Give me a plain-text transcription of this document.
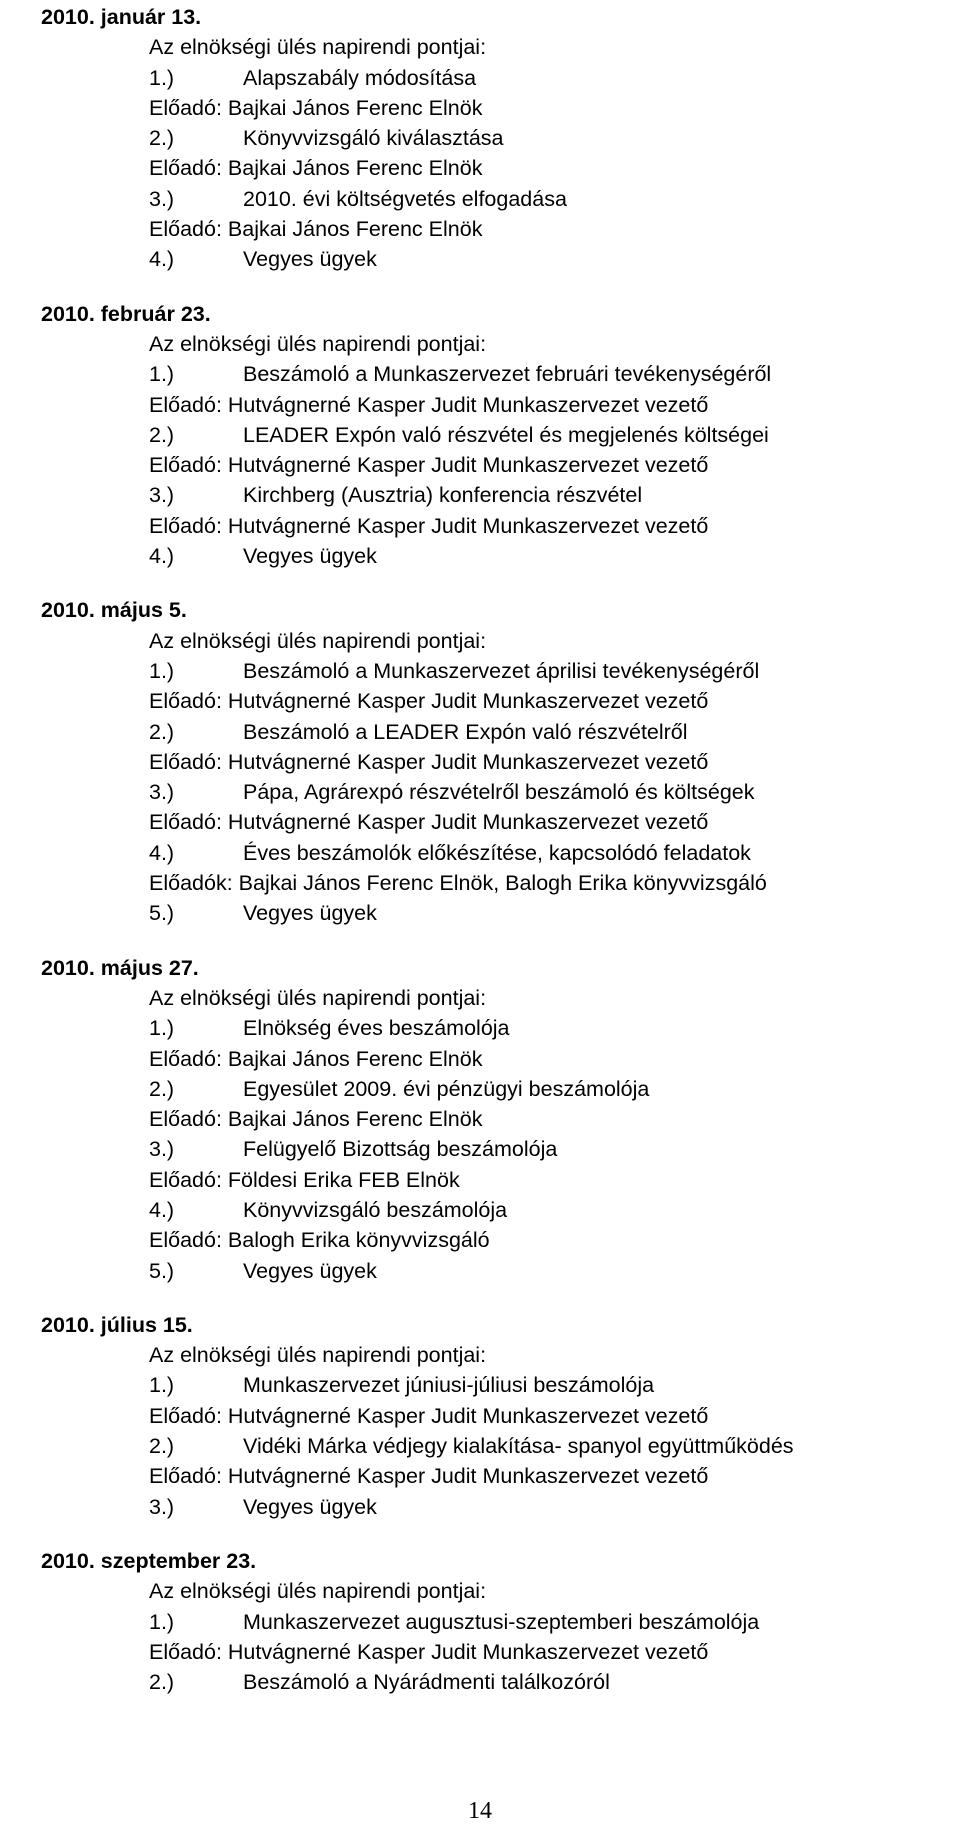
2010. január 13.
Az elnökségi ülés napirendi pontjai:
1.)	Alapszabály módosítása
Előadó: Bajkai János Ferenc Elnök
2.)	Könyvvizsgáló kiválasztása
Előadó: Bajkai János Ferenc Elnök
3.)	2010. évi költségvetés elfogadása
Előadó: Bajkai János Ferenc Elnök
4.)	Vegyes ügyek
2010. február 23.
Az elnökségi ülés napirendi pontjai:
1.)	Beszámoló a Munkaszervezet februári tevékenységéről
Előadó: Hutvágnerné Kasper Judit Munkaszervezet vezető
2.)	LEADER Expón való részvétel és megjelenés költségei
Előadó: Hutvágnerné Kasper Judit Munkaszervezet vezető
3.)	Kirchberg (Ausztria) konferencia részvétel
Előadó: Hutvágnerné Kasper Judit Munkaszervezet vezető
4.)	Vegyes ügyek
2010. május 5.
Az elnökségi ülés napirendi pontjai:
1.)	Beszámoló a Munkaszervezet áprilisi tevékenységéről
Előadó: Hutvágnerné Kasper Judit Munkaszervezet vezető
2.)	Beszámoló a LEADER Expón való részvételről
Előadó: Hutvágnerné Kasper Judit Munkaszervezet vezető
3.)	Pápa, Agrárexpó részvételről beszámoló és költségek
Előadó: Hutvágnerné Kasper Judit Munkaszervezet vezető
4.)	Éves beszámolók előkészítése, kapcsolódó feladatok
Előadók: Bajkai János Ferenc Elnök, Balogh Erika könyvvizsgáló
5.)	Vegyes ügyek
2010. május 27.
Az elnökségi ülés napirendi pontjai:
1.)	Elnökség éves beszámolója
Előadó: Bajkai János Ferenc Elnök
2.)	Egyesület 2009. évi pénzügyi beszámolója
Előadó: Bajkai János Ferenc Elnök
3.)	Felügyelő Bizottság beszámolója
Előadó: Földesi Erika FEB Elnök
4.)	Könyvvizsgáló beszámolója
Előadó: Balogh Erika könyvvizsgáló
5.)	Vegyes ügyek
2010. július 15.
Az elnökségi ülés napirendi pontjai:
1.)	Munkaszervezet júniusi-júliusi beszámolója
Előadó: Hutvágnerné Kasper Judit Munkaszervezet vezető
2.)	Vidéki Márka védjegy kialakítása- spanyol együttműködés
Előadó: Hutvágnerné Kasper Judit Munkaszervezet vezető
3.)	Vegyes ügyek
2010. szeptember 23.
Az elnökségi ülés napirendi pontjai:
1.)	Munkaszervezet augusztusi-szeptemberi beszámolója
Előadó: Hutvágnerné Kasper Judit Munkaszervezet vezető
2.)	Beszámoló a Nyárádmenti találkozóról
14
